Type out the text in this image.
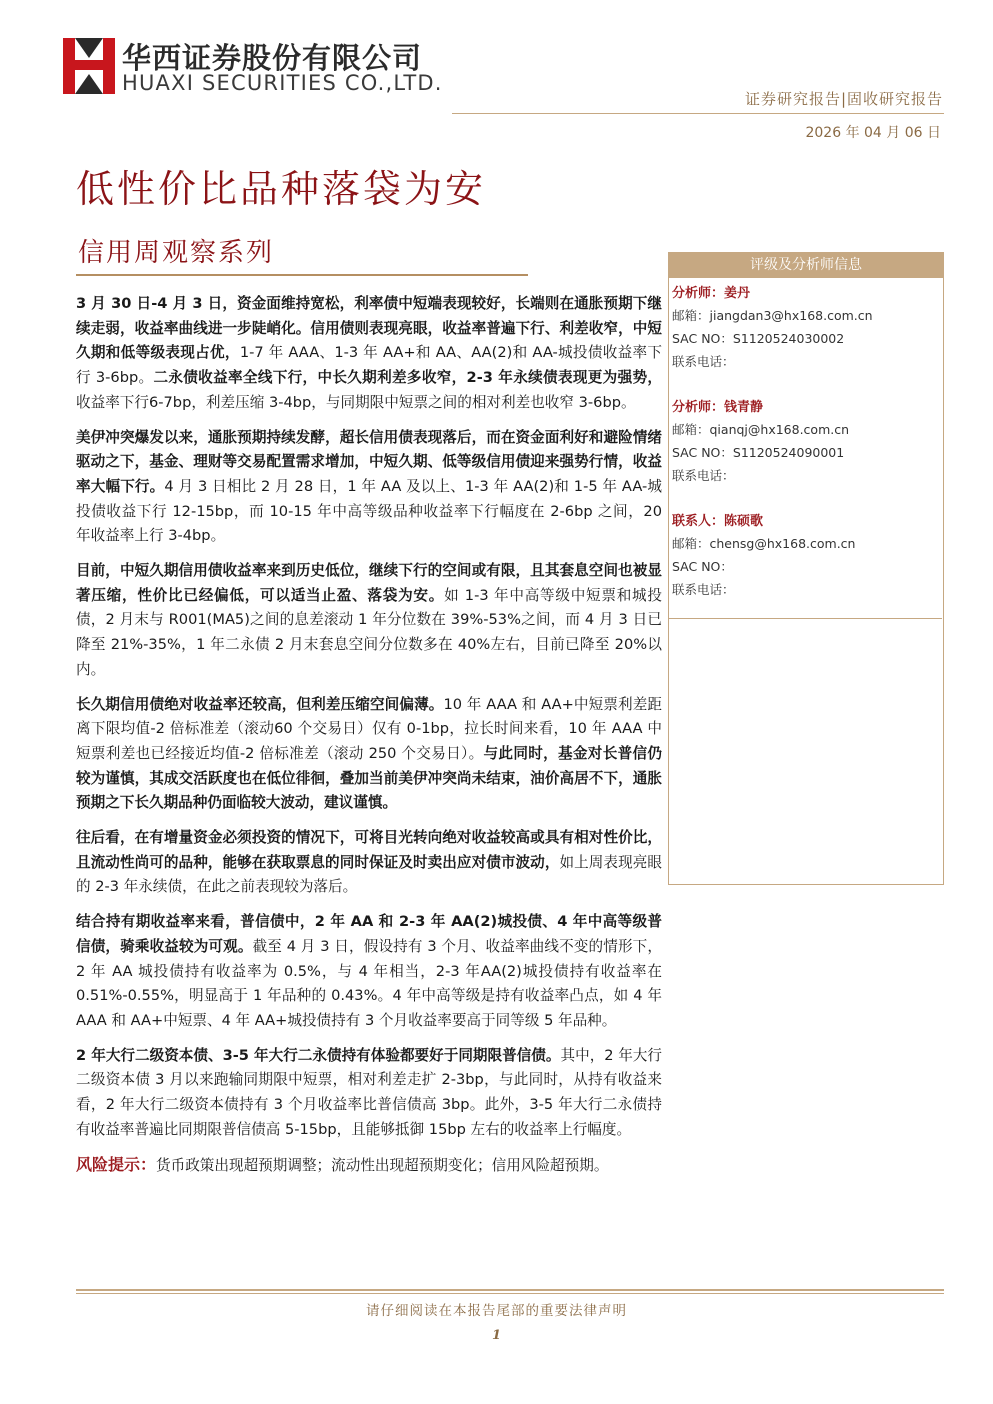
华西证券股份有限公司
HUAXI SECURITIES CO.,LTD.
证券研究报告|固收研究报告
2026 年 04 月 06 日
低性价比品种落袋为安
信用周观察系列

3 月 30 日-4 月 3 日，资金面维持宽松，利率债中短端表现较好，长端则在通胀预期下继续走弱，收益率曲线进一步陡峭化。信用债则表现亮眼，收益率普遍下行、利差收窄，中短久期和低等级表现占优，1-7 年 AAA、1-3 年 AA+和 AA、AA(2)和 AA-城投债收益率下行 3-6bp。二永债收益率全线下行，中长久期利差多收窄，2-3 年永续债表现更为强势，收益率下行6-7bp，利差压缩 3-4bp，与同期限中短票之间的相对利差也收窄 3-6bp。

美伊冲突爆发以来，通胀预期持续发酵，超长信用债表现落后，而在资金面利好和避险情绪驱动之下，基金、理财等交易配置需求增加，中短久期、低等级信用债迎来强势行情，收益率大幅下行。4 月 3 日相比 2 月 28 日，1 年 AA 及以上、1-3 年 AA(2)和 1-5 年 AA-城投债收益下行 12-15bp，而 10-15 年中高等级品种收益率下行幅度在 2-6bp 之间，20 年收益率上行 3-4bp。

目前，中短久期信用债收益率来到历史低位，继续下行的空间或有限，且其套息空间也被显著压缩，性价比已经偏低，可以适当止盈、落袋为安。如 1-3 年中高等级中短票和城投债，2 月末与 R001(MA5)之间的息差滚动 1 年分位数在 39%-53%之间，而 4 月 3 日已降至 21%-35%，1 年二永债 2 月末套息空间分位数多在 40%左右，目前已降至 20%以内。

长久期信用债绝对收益率还较高，但利差压缩空间偏薄。10 年 AAA 和 AA+中短票利差距离下限均值-2 倍标准差（滚动60 个交易日）仅有 0-1bp，拉长时间来看，10 年 AAA 中短票利差也已经接近均值-2 倍标准差（滚动 250 个交易日）。与此同时，基金对长普信仍较为谨慎，其成交活跃度也在低位徘徊，叠加当前美伊冲突尚未结束，油价高居不下，通胀预期之下长久期品种仍面临较大波动，建议谨慎。

往后看，在有增量资金必须投资的情况下，可将目光转向绝对收益较高或具有相对性价比，且流动性尚可的品种，能够在获取票息的同时保证及时卖出应对债市波动，如上周表现亮眼的 2-3 年永续债，在此之前表现较为落后。

结合持有期收益率来看，普信债中，2 年 AA 和 2-3 年 AA(2)城投债、4 年中高等级普信债，骑乘收益较为可观。截至 4 月 3 日，假设持有 3 个月、收益率曲线不变的情形下，2 年 AA 城投债持有收益率为 0.5%，与 4 年相当，2-3 年AA(2)城投债持有收益率在 0.51%-0.55%，明显高于 1 年品种的 0.43%。4 年中高等级是持有收益率凸点，如 4 年 AAA 和 AA+中短票、4 年 AA+城投债持有 3 个月收益率要高于同等级 5 年品种。

2 年大行二级资本债、3-5 年大行二永债持有体验都要好于同期限普信债。其中，2 年大行二级资本债 3 月以来跑输同期限中短票，相对利差走扩 2-3bp，与此同时，从持有收益来看，2 年大行二级资本债持有 3 个月收益率比普信债高 3bp。此外，3-5 年大行二永债持有收益率普遍比同期限普信债高 5-15bp，且能够抵御 15bp 左右的收益率上行幅度。

风险提示：货币政策出现超预期调整；流动性出现超预期变化；信用风险超预期。

评级及分析师信息
分析师：姜丹
邮箱：jiangdan3@hx168.com.cn
SAC NO：S1120524030002
联系电话：
分析师：钱青静
邮箱：qianqj@hx168.com.cn
SAC NO：S1120524090001
联系电话：
联系人：陈硕歌
邮箱：chensg@hx168.com.cn
SAC NO：
联系电话：
请仔细阅读在本报告尾部的重要法律声明
1
